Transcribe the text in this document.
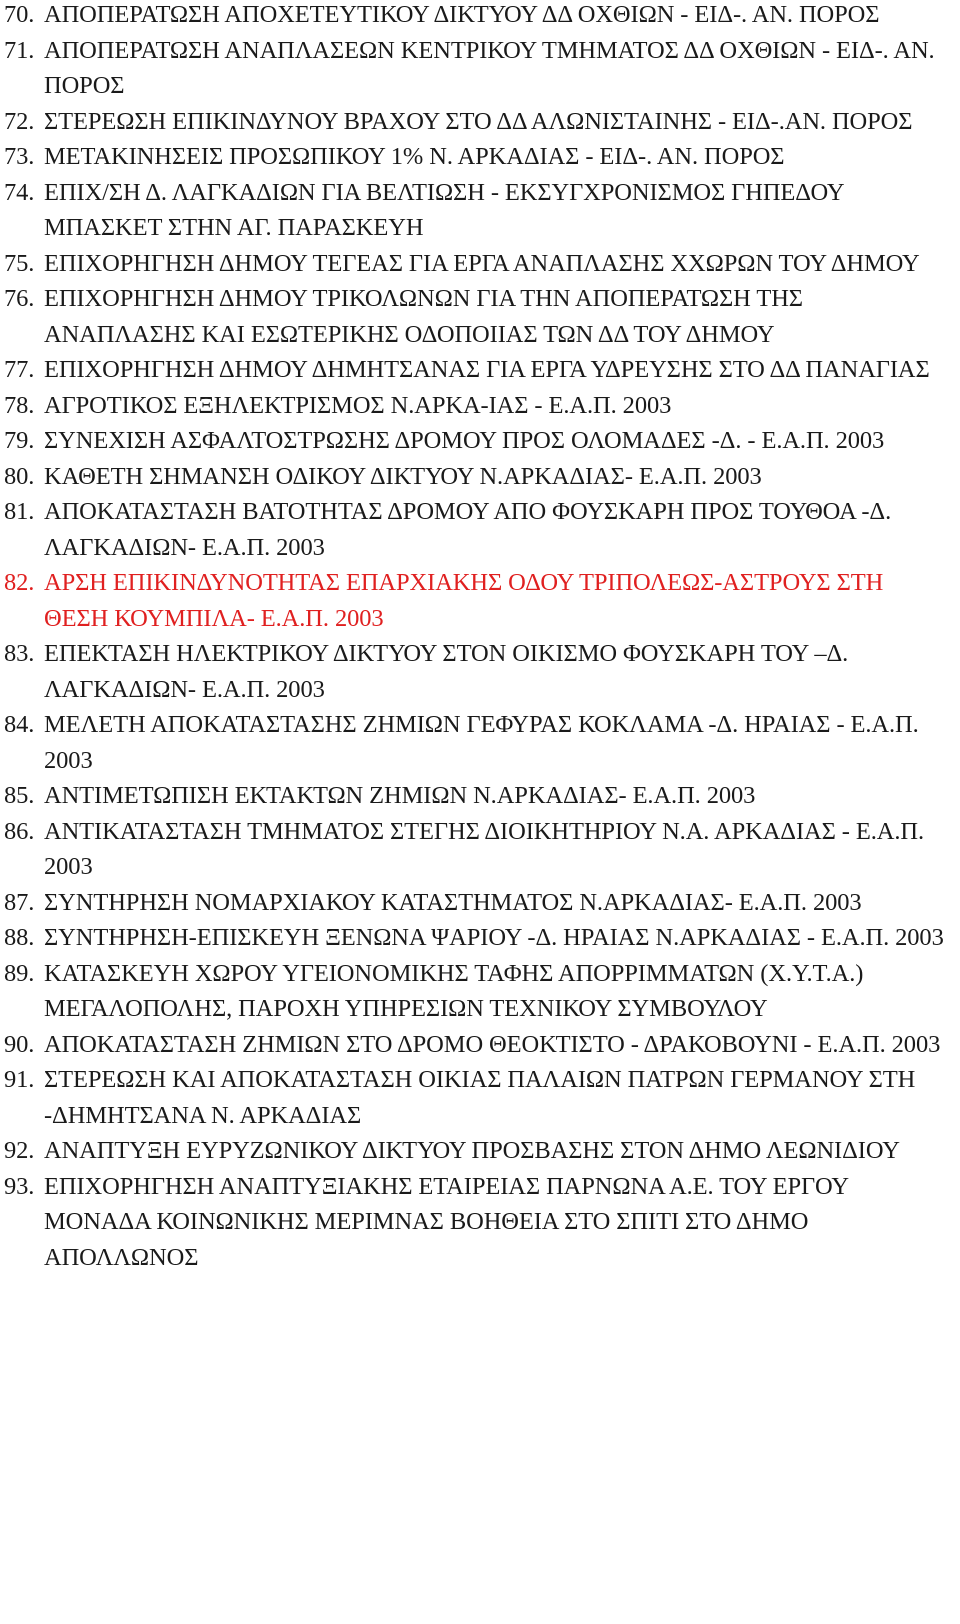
70. ΑΠΟΠΕΡΑΤΩΣΗ ΑΠΟΧΕΤΕΥΤΙΚΟΥ ΔΙΚΤΥΟΥ ΔΔ ΟΧΘΙΩΝ - ΕΙΔ-. ΑΝ. ΠΟΡΟΣ
71. ΑΠΟΠΕΡΑΤΩΣΗ ΑΝΑΠΛΑΣΕΩΝ ΚΕΝΤΡΙΚΟΥ ΤΜΗΜΑΤΟΣ ΔΔ ΟΧΘΙΩΝ - ΕΙΔ-. ΑΝ. ΠΟΡΟΣ
72. ΣΤΕΡΕΩΣΗ ΕΠΙΚΙΝΔΥΝΟΥ ΒΡΑΧΟΥ ΣΤΟ ΔΔ ΑΛΩΝΙΣΤΑΙΝΗΣ - ΕΙΔ-.ΑΝ. ΠΟΡΟΣ
73. ΜΕΤΑΚΙΝΗΣΕΙΣ ΠΡΟΣΩΠΙΚΟΥ 1% Ν. ΑΡΚΑΔΙΑΣ - ΕΙΔ-. ΑΝ. ΠΟΡΟΣ
74. ΕΠΙΧ/ΣΗ Δ. ΛΑΓΚΑΔΙΩΝ ΓΙΑ ΒΕΛΤΙΩΣΗ - ΕΚΣΥΓΧΡΟΝΙΣΜΟΣ ΓΗΠΕΔΟΥ ΜΠΑΣΚΕΤ ΣΤΗΝ ΑΓ. ΠΑΡΑΣΚΕΥΗ
75. ΕΠΙΧΟΡΗΓΗΣΗ ΔΗΜΟΥ ΤΕΓΕΑΣ ΓΙΑ ΕΡΓΑ ΑΝΑΠΛΑΣΗΣ ΧΧΩΡΩΝ ΤΟΥ ΔΗΜΟΥ
76. ΕΠΙΧΟΡΗΓΗΣΗ ΔΗΜΟΥ ΤΡΙΚΟΛΩΝΩΝ ΓΙΑ ΤΗΝ ΑΠΟΠΕΡΑΤΩΣΗ ΤΗΣ ΑΝΑΠΛΑΣΗΣ ΚΑΙ ΕΣΩΤΕΡΙΚΗΣ ΟΔΟΠΟΙΙΑΣ ΤΩΝ ΔΔ ΤΟΥ ΔΗΜΟΥ
77. ΕΠΙΧΟΡΗΓΗΣΗ ΔΗΜΟΥ ΔΗΜΗΤΣΑΝΑΣ ΓΙΑ ΕΡΓΑ ΥΔΡΕΥΣΗΣ ΣΤΟ ΔΔ ΠΑΝΑΓΙΑΣ
78. ΑΓΡΟΤΙΚΟΣ ΕΞΗΛΕΚΤΡΙΣΜΟΣ Ν.ΑΡΚΑ-ΙΑΣ - Ε.Α.Π. 2003
79. ΣΥΝΕΧΙΣΗ ΑΣΦΑΛΤΟΣΤΡΩΣΗΣ ΔΡΟΜΟΥ ΠΡΟΣ ΟΛΟΜΑΔΕΣ -Δ. - Ε.Α.Π. 2003
80. ΚΑΘΕΤΗ ΣΗΜΑΝΣΗ ΟΔΙΚΟΥ ΔΙΚΤΥΟΥ Ν.ΑΡΚΑΔΙΑΣ- Ε.Α.Π. 2003
81. ΑΠΟΚΑΤΑΣΤΑΣΗ ΒΑΤΟΤΗΤΑΣ ΔΡΟΜΟΥ ΑΠΟ ΦΟΥΣΚΑΡΗ ΠΡΟΣ ΤΟΥΘΟΑ -Δ. ΛΑΓΚΑΔΙΩΝ- Ε.Α.Π. 2003
82. ΑΡΣΗ ΕΠΙΚΙΝΔΥΝΟΤΗΤΑΣ ΕΠΑΡΧΙΑΚΗΣ ΟΔΟΥ ΤΡΙΠΟΛΕΩΣ-ΑΣΤΡΟΥΣ ΣΤΗ ΘΕΣΗ ΚΟΥΜΠΙΛΑ- Ε.Α.Π. 2003
83. ΕΠΕΚΤΑΣΗ ΗΛΕΚΤΡΙΚΟΥ ΔΙΚΤΥΟΥ ΣΤΟΝ ΟΙΚΙΣΜΟ ΦΟΥΣΚΑΡΗ ΤΟΥ –Δ. ΛΑΓΚΑΔΙΩΝ- Ε.Α.Π. 2003
84. ΜΕΛΕΤΗ ΑΠΟΚΑΤΑΣΤΑΣΗΣ ΖΗΜΙΩΝ ΓΕΦΥΡΑΣ ΚΟΚΛΑΜΑ -Δ. ΗΡΑΙΑΣ - Ε.Α.Π. 2003
85. ΑΝΤΙΜΕΤΩΠΙΣΗ ΕΚΤΑΚΤΩΝ ΖΗΜΙΩΝ Ν.ΑΡΚΑΔΙΑΣ- Ε.Α.Π. 2003
86. ΑΝΤΙΚΑΤΑΣΤΑΣΗ ΤΜΗΜΑΤΟΣ ΣΤΕΓΗΣ ΔΙΟΙΚΗΤΗΡΙΟΥ Ν.Α. ΑΡΚΑΔΙΑΣ - Ε.Α.Π. 2003
87. ΣΥΝΤΗΡΗΣΗ ΝΟΜΑΡΧΙΑΚΟΥ ΚΑΤΑΣΤΗΜΑΤΟΣ Ν.ΑΡΚΑΔΙΑΣ- Ε.Α.Π. 2003
88. ΣΥΝΤΗΡΗΣΗ-ΕΠΙΣΚΕΥΗ ΞΕΝΩΝΑ ΨΑΡΙΟΥ -Δ. ΗΡΑΙΑΣ Ν.ΑΡΚΑΔΙΑΣ - Ε.Α.Π. 2003
89. ΚΑΤΑΣΚΕΥΗ ΧΩΡΟΥ ΥΓΕΙΟΝΟΜΙΚΗΣ ΤΑΦΗΣ ΑΠΟΡΡΙΜΜΑΤΩΝ (Χ.Υ.Τ.Α.) ΜΕΓΑΛΟΠΟΛΗΣ, ΠΑΡΟΧΗ ΥΠΗΡΕΣΙΩΝ ΤΕΧΝΙΚΟΥ ΣΥΜΒΟΥΛΟΥ
90. ΑΠΟΚΑΤΑΣΤΑΣΗ ΖΗΜΙΩΝ ΣΤΟ ΔΡΟΜΟ ΘΕΟΚΤΙΣΤΟ - ΔΡΑΚΟΒΟΥΝΙ - Ε.Α.Π. 2003
91. ΣΤΕΡΕΩΣΗ ΚΑΙ ΑΠΟΚΑΤΑΣΤΑΣΗ ΟΙΚΙΑΣ ΠΑΛΑΙΩΝ ΠΑΤΡΩΝ ΓΕΡΜΑΝΟΥ ΣΤΗ -ΔΗΜΗΤΣΑΝΑ Ν. ΑΡΚΑΔΙΑΣ
92. ΑΝΑΠΤΥΞΗ ΕΥΡΥΖΩΝΙΚΟΥ ΔΙΚΤΥΟΥ ΠΡΟΣΒΑΣΗΣ ΣΤΟΝ ΔΗΜΟ ΛΕΩΝΙΔΙΟΥ
93. ΕΠΙΧΟΡΗΓΗΣΗ ΑΝΑΠΤΥΞΙΑΚΗΣ ΕΤΑΙΡΕΙΑΣ ΠΑΡΝΩΝΑ Α.Ε. ΤΟΥ ΕΡΓΟΥ ΜΟΝΑΔΑ ΚΟΙΝΩΝΙΚΗΣ ΜΕΡΙΜΝΑΣ ΒΟΗΘΕΙΑ ΣΤΟ ΣΠΙΤΙ ΣΤΟ ΔΗΜΟ ΑΠΟΛΛΩΝΟΣ
